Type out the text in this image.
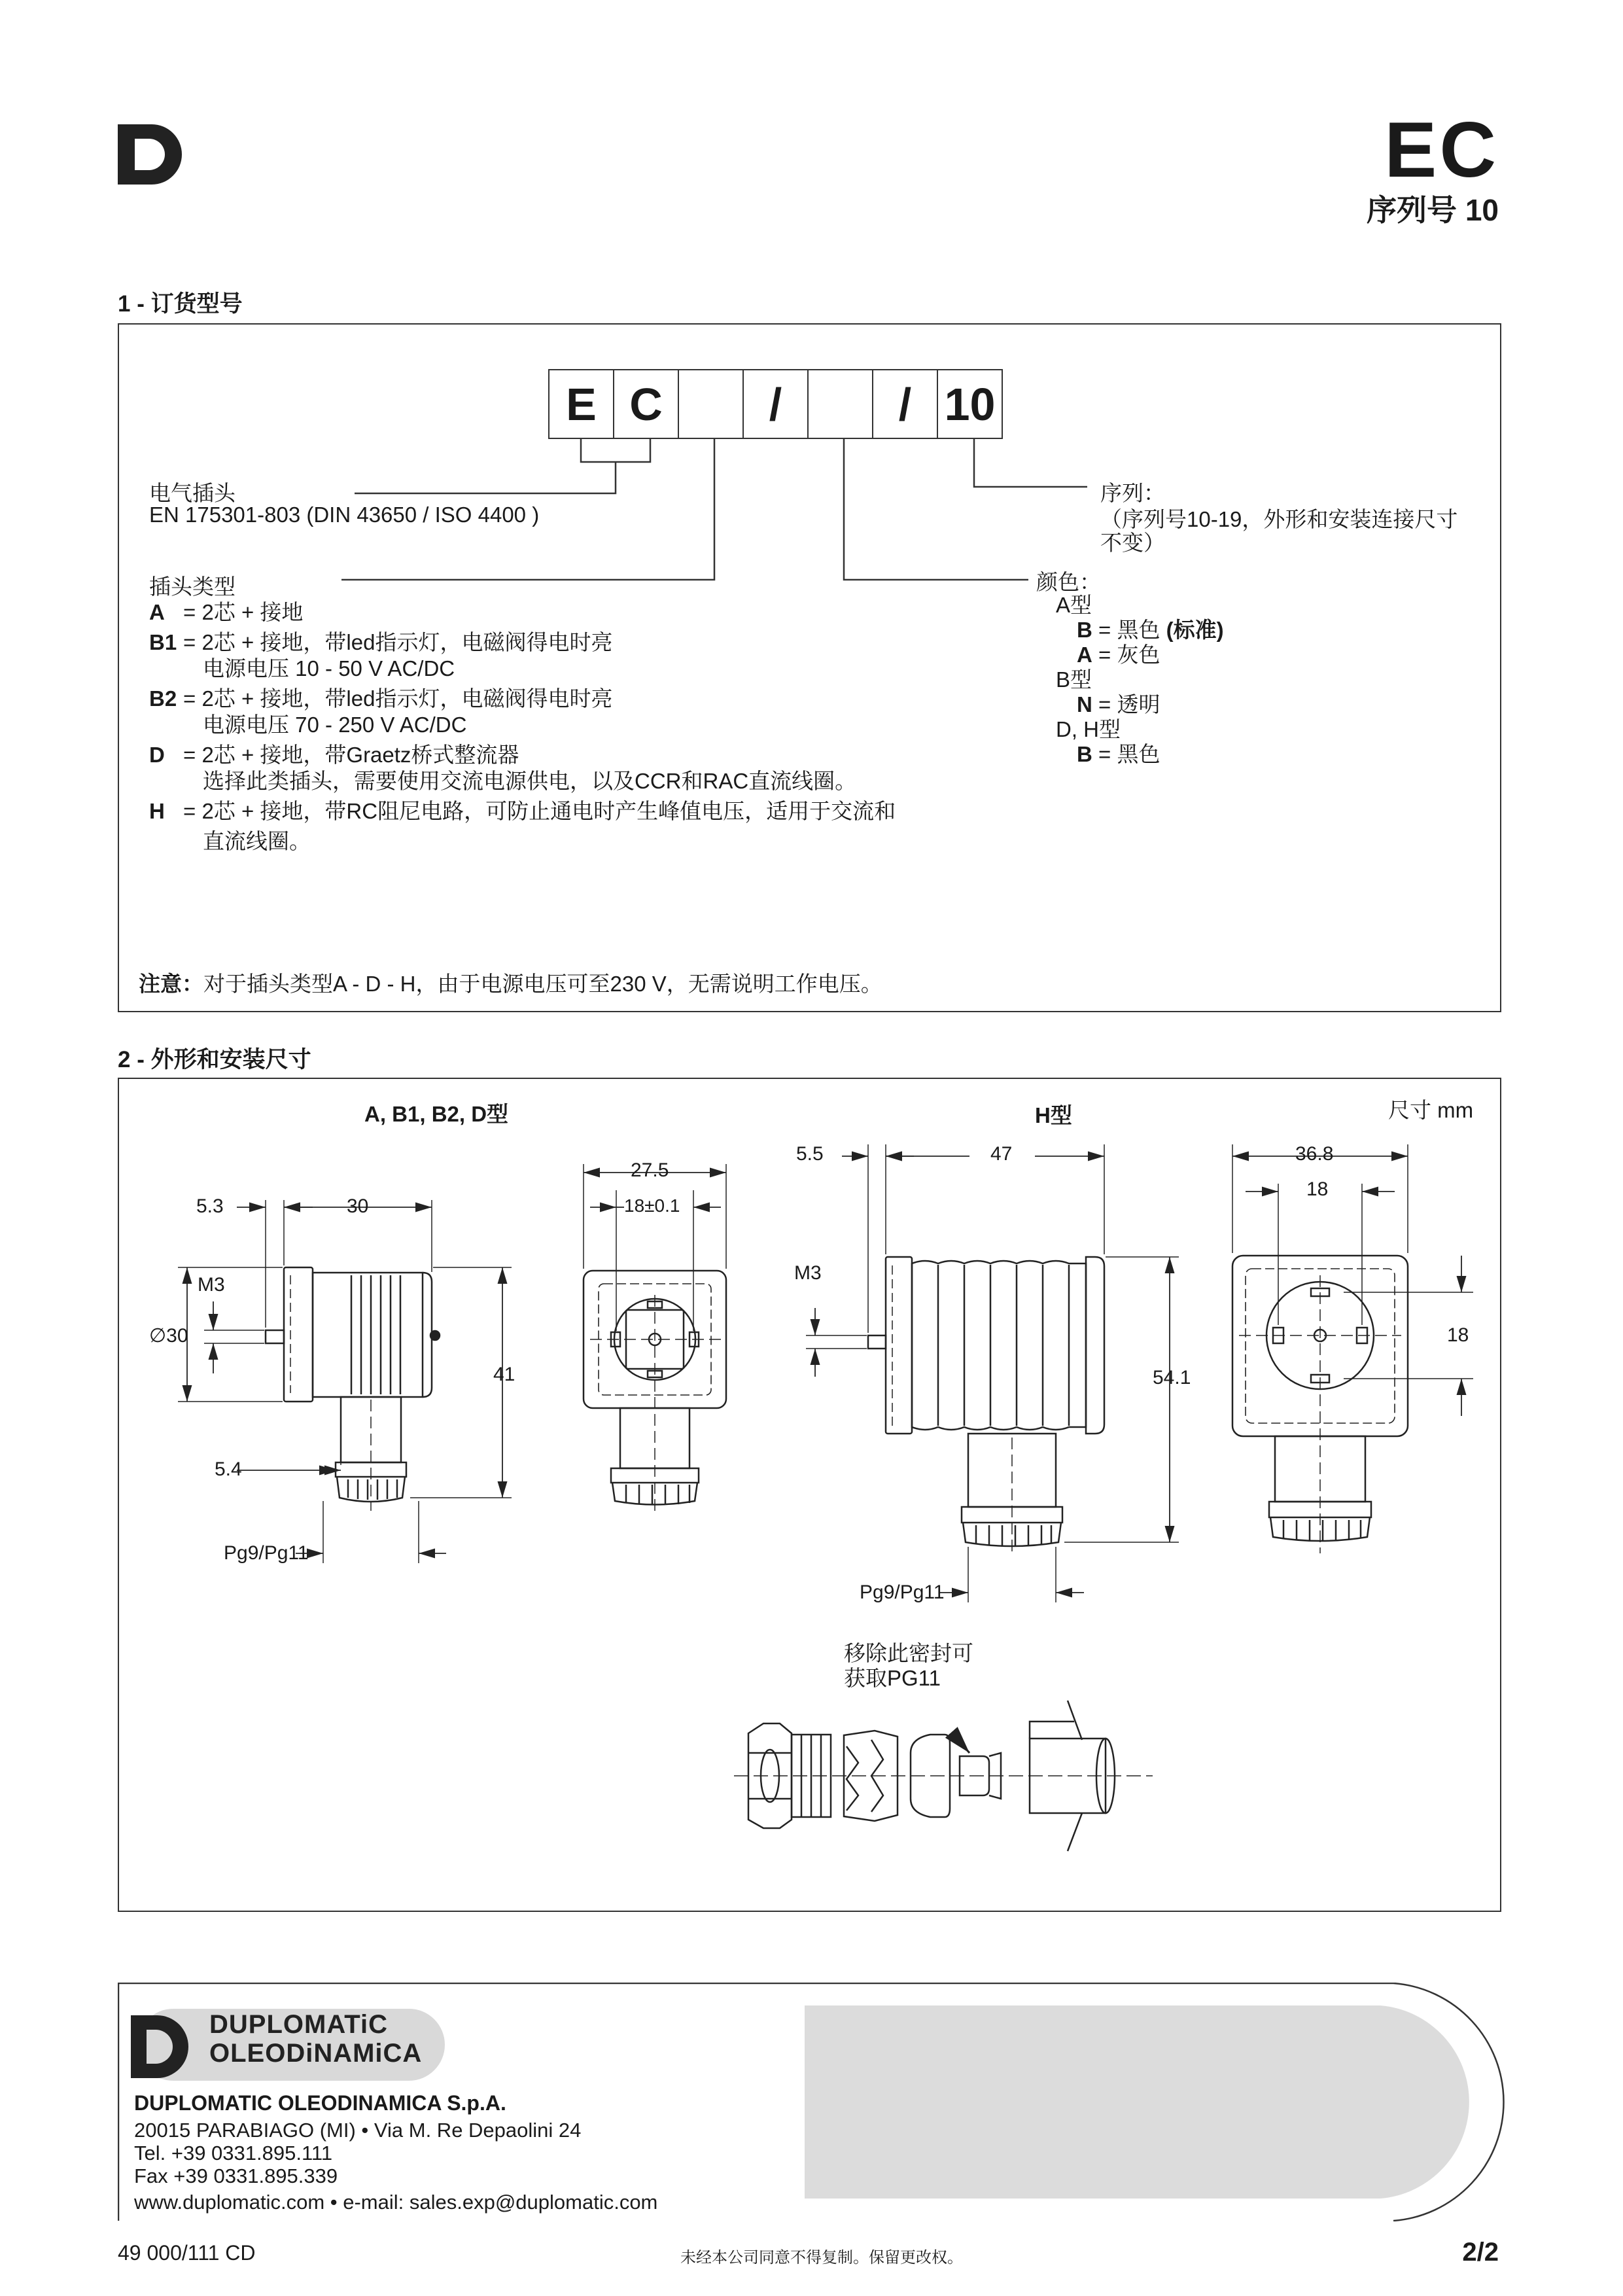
EC
序列号 10
1 - 订货型号
E C	/	/ 10
电气插头
EN 175301-803 (DIN 43650 / ISO 4400 )
插头类型
A = 2芯 + 接地
B1 = 2芯 + 接地，带led指示灯，电磁阀得电时亮
电源电压 10 - 50 V AC/DC
B2 = 2芯 + 接地，带led指示灯，电磁阀得电时亮
电源电压 70 - 250 V AC/DC
D = 2芯 + 接地，带Graetz桥式整流器
选择此类插头，需要使用交流电源供电，以及CCR和RAC直流线圈。
H = 2芯 + 接地，带RC阻尼电路，可防止通电时产生峰值电压，适用于交流和
直流线圈。
序列：
（序列号10-19，外形和安装连接尺寸
不变）
颜色：
A型
B = 黑色 (标准)
A = 灰色
B型
N = 透明
D, H型
B = 黑色
注意：对于插头类型A - D - H，由于电源电压可至230 V，无需说明工作电压。
2 - 外形和安装尺寸
A, B1, B2, D型	H型	尺寸 mm
5.3	30
M3
∅30
41
5.4
Pg9/Pg11
27.5
18±0.1
5.5	47
M3
54.1
Pg9/Pg11
36.8
18
18
移除此密封可
获取PG11
DUPLOMATiC
OLEODiNAMiCA
DUPLOMATIC OLEODINAMICA S.p.A.
20015 PARABIAGO (MI) • Via M. Re Depaolini 24
Tel. +39 0331.895.111
Fax +39 0331.895.339
www.duplomatic.com • e-mail: sales.exp@duplomatic.com
49 000/111 CD	未经本公司同意不得复制。保留更改权。	2/2
